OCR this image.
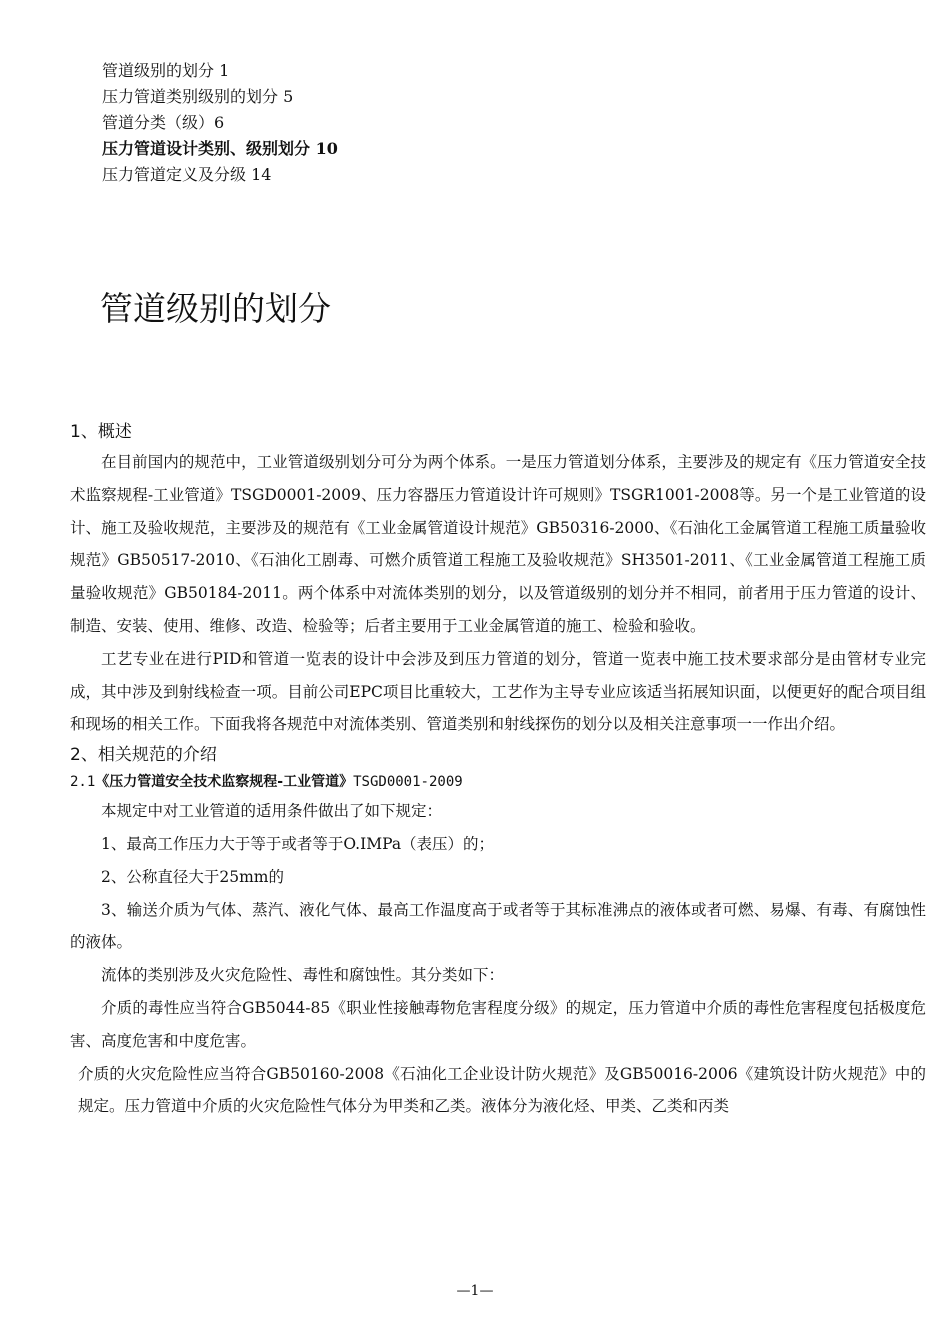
管道级别的划分 1
压力管道类别级别的划分 5
管道分类（级）6
压力管道设计类别、级别划分 10
压力管道定义及分级 14
管道级别的划分
1、概述

在目前国内的规范中，工业管道级别划分可分为两个体系。一是压力管道划分体系，主要涉及的规定有《压力管道安全技术监察规程-工业管道》TSGD0001-2009、压力容器压力管道设计许可规则》TSGR1001-2008等。另一个是工业管道的设计、施工及验收规范，主要涉及的规范有《工业金属管道设计规范》GB50316-2000、《石油化工金属管道工程施工质量验收规范》GB50517-2010、《石油化工剧毒、可燃介质管道工程施工及验收规范》SH3501-2011、《工业金属管道工程施工质量验收规范》GB50184-2011。两个体系中对流体类别的划分，以及管道级别的划分并不相同，前者用于压力管道的设计、制造、安装、使用、维修、改造、检验等；后者主要用于工业金属管道的施工、检验和验收。

工艺专业在进行PID和管道一览表的设计中会涉及到压力管道的划分，管道一览表中施工技术要求部分是由管材专业完成，其中涉及到射线检查一项。目前公司EPC项目比重较大，工艺作为主导专业应该适当拓展知识面，以便更好的配合项目组和现场的相关工作。下面我将各规范中对流体类别、管道类别和射线探伤的划分以及相关注意事项一一作出介绍。

2、相关规范的介绍
2.1《压力管道安全技术监察规程-工业管道》TSGD0001-2009

本规定中对工业管道的适用条件做出了如下规定：

1、最高工作压力大于等于或者等于O.IMPa（表压）的；

2、公称直径大于25mm的

3、输送介质为气体、蒸汽、液化气体、最高工作温度高于或者等于其标准沸点的液体或者可燃、易爆、有毒、有腐蚀性的液体。

流体的类别涉及火灾危险性、毒性和腐蚀性。其分类如下：

介质的毒性应当符合GB5044-85《职业性接触毒物危害程度分级》的规定，压力管道中介质的毒性危害程度包括极度危害、高度危害和中度危害。

介质的火灾危险性应当符合GB50160-2008《石油化工企业设计防火规范》及GB50016-2006《建筑设计防火规范》中的规定。压力管道中介质的火灾危险性气体分为甲类和乙类。液体分为液化烃、甲类、乙类和丙类

—1—
